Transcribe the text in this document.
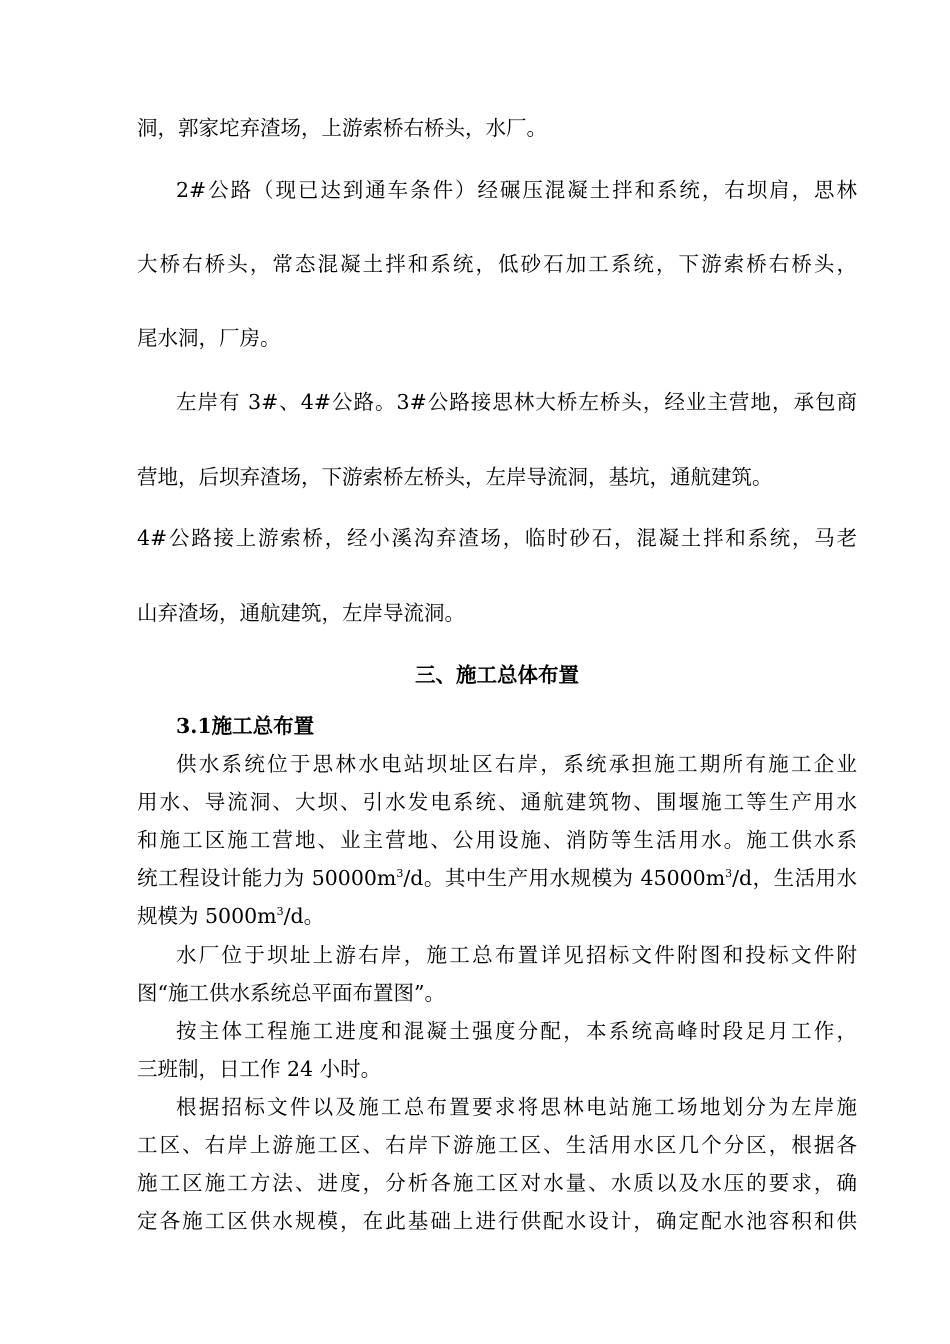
洞，郭家坨弃渣场，上游索桥右桥头，水厂。
2#公路（现已达到通车条件）经碾压混凝土拌和系统，右坝肩，思林
大桥右桥头，常态混凝土拌和系统，低砂石加工系统，下游索桥右桥头，
尾水洞，厂房。
左岸有 3#、4#公路。3#公路接思林大桥左桥头，经业主营地，承包商
营地，后坝弃渣场，下游索桥左桥头，左岸导流洞，基坑，通航建筑。
4#公路接上游索桥，经小溪沟弃渣场，临时砂石，混凝土拌和系统，马老
山弃渣场，通航建筑，左岸导流洞。
三、施工总体布置
3.1施工总布置
供水系统位于思林水电站坝址区右岸，系统承担施工期所有施工企业
用水、导流洞、大坝、引水发电系统、通航建筑物、围堰施工等生产用水
和施工区施工营地、业主营地、公用设施、消防等生活用水。施工供水系
统工程设计能力为 $50000m^3/d$。其中生产用水规模为 $45000m^3/d$，生活用水
规模为 $5000m^3/d$。
水厂位于坝址上游右岸，施工总布置详见招标文件附图和投标文件附
图“施工供水系统总平面布置图”。
按主体工程施工进度和混凝土强度分配，本系统高峰时段足月工作，
三班制，日工作 24 小时。
根据招标文件以及施工总布置要求将思林电站施工场地划分为左岸施
工区、右岸上游施工区、右岸下游施工区、生活用水区几个分区，根据各
施工区施工方法、进度，分析各施工区对水量、水质以及水压的要求，确
定各施工区供水规模，在此基础上进行供配水设计，确定配水池容积和供
